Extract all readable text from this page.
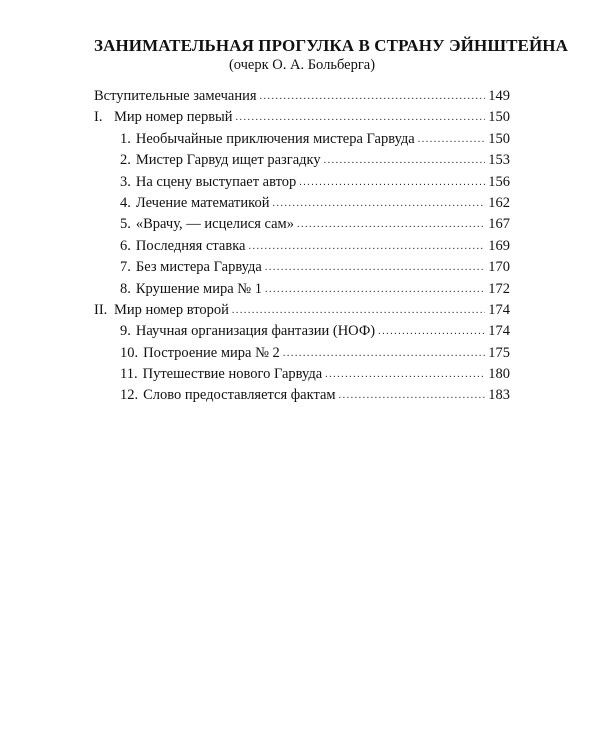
ЗАНИМАТЕЛЬНАЯ ПРОГУЛКА В СТРАНУ ЭЙНШТЕЙНА

(очерк О. А. Больберга)

Вступительные замечания . . .	149
I. Мир номер первый . . .	150
1. Необычайные приключения мистера Гарвуда . . .	150
2. Мистер Гарвуд ищет разгадку . . .	153
3. На сцену выступает автор . . .	156
4. Лечение математикой . . .	162
5. «Врачу, — исцелися сам» . . .	167
6. Последняя ставка . . .	169
7. Без мистера Гарвуда . . .	170
8. Крушение мира № 1 . . .	172
II. Мир номер второй . . .	174
9. Научная организация фантазии (НОФ) . . .	174
10. Построение мира № 2 . . .	175
11. Путешествие нового Гарвуда . . .	180
12. Слово предоставляется фактам . . .	183
